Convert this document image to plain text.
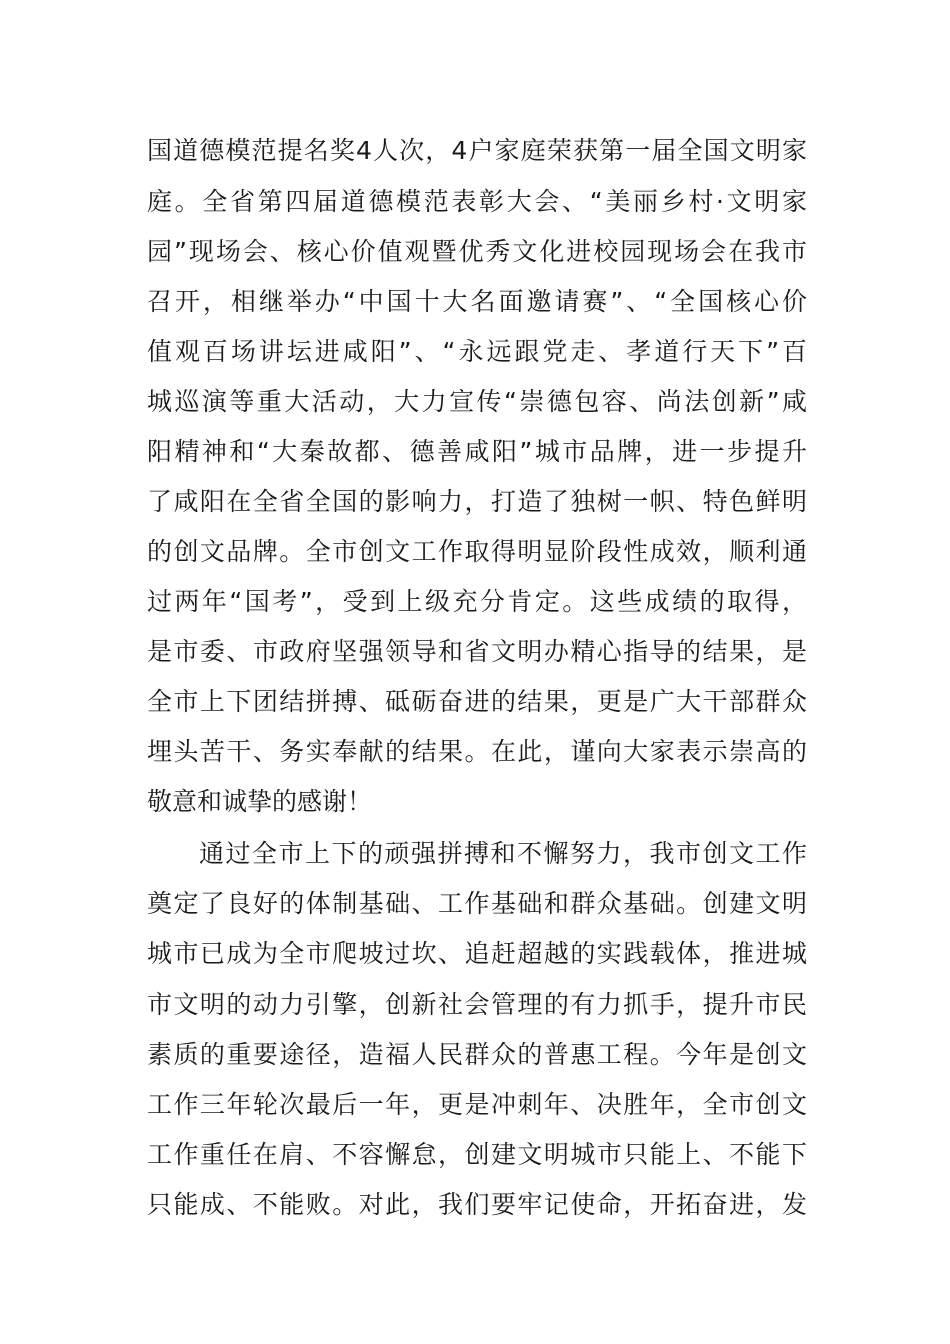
国道德模范提名奖4人次，4户家庭荣获第一届全国文明家
庭。全省第四届道德模范表彰大会、“美丽乡村·文明家
园”现场会、核心价值观暨优秀文化进校园现场会在我市
召开，相继举办“中国十大名面邀请赛”、“全国核心价
值观百场讲坛进咸阳”、“永远跟党走、孝道行天下”百
城巡演等重大活动，大力宣传“崇德包容、尚法创新”咸
阳精神和“大秦故都、德善咸阳”城市品牌，进一步提升
了咸阳在全省全国的影响力，打造了独树一帜、特色鲜明
的创文品牌。全市创文工作取得明显阶段性成效，顺利通
过两年“国考”，受到上级充分肯定。这些成绩的取得，
是市委、市政府坚强领导和省文明办精心指导的结果，是
全市上下团结拼搏、砥砺奋进的结果，更是广大干部群众
埋头苦干、务实奉献的结果。在此，谨向大家表示崇高的
敬意和诚挚的感谢！
通过全市上下的顽强拼搏和不懈努力，我市创文工作
奠定了良好的体制基础、工作基础和群众基础。创建文明
城市已成为全市爬坡过坎、追赶超越的实践载体，推进城
市文明的动力引擎，创新社会管理的有力抓手，提升市民
素质的重要途径，造福人民群众的普惠工程。今年是创文
工作三年轮次最后一年，更是冲刺年、决胜年，全市创文
工作重任在肩、不容懈怠，创建文明城市只能上、不能下
只能成、不能败。对此，我们要牢记使命，开拓奋进，发
